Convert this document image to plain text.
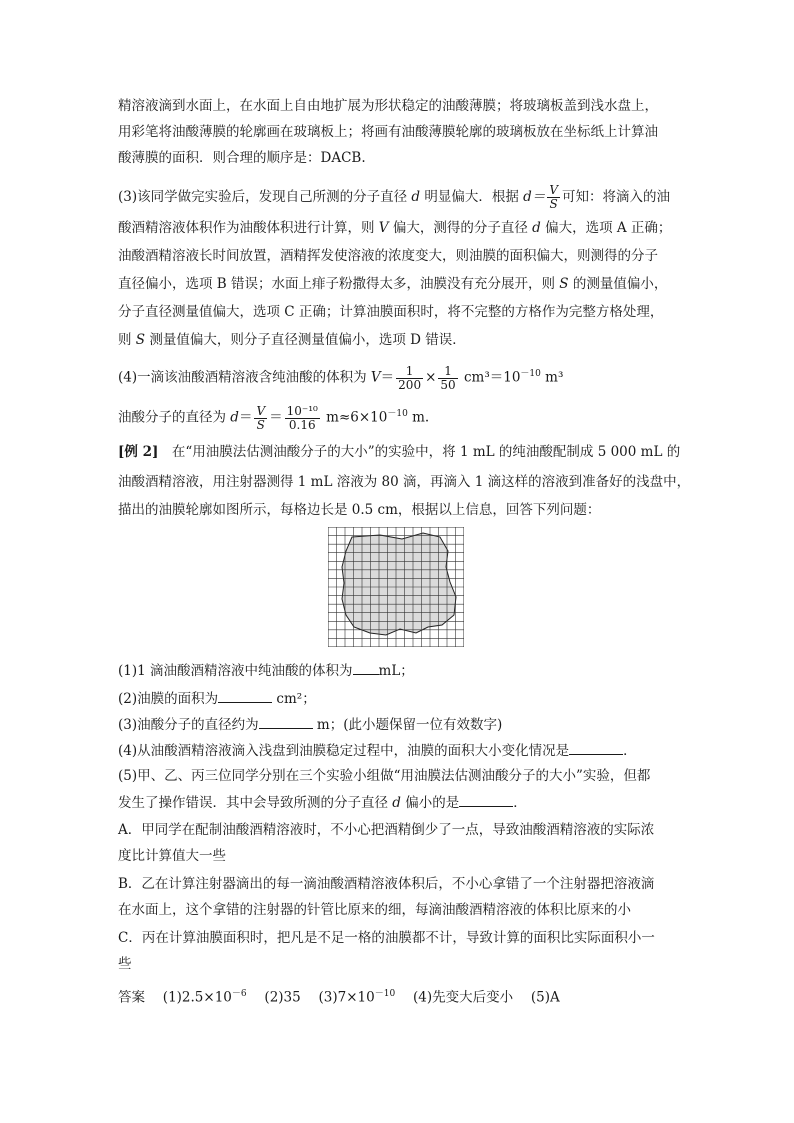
精溶液滴到水面上，在水面上自由地扩展为形状稳定的油酸薄膜；将玻璃板盖到浅水盘上，
用彩笔将油酸薄膜的轮廓画在玻璃板上；将画有油酸薄膜轮廓的玻璃板放在坐标纸上计算油
酸薄膜的面积．则合理的顺序是：DACB.
(3)该同学做完实验后，发现自己所测的分子直径 d 明显偏大．根据 $d= \frac{V}{S}$ 可知：将滴入的油
酸酒精溶液体积作为油酸体积进行计算，则 V 偏大，测得的分子直径 d 偏大，选项 A 正确；
油酸酒精溶液长时间放置，酒精挥发使溶液的浓度变大，则油膜的面积偏大，则测得的分子
直径偏小，选项 B 错误；水面上痱子粉撒得太多，油膜没有充分展开，则 S 的测量值偏小，
分子直径测量值偏大，选项 C 正确；计算油膜面积时，将不完整的方格作为完整方格处理，
则 S 测量值偏大，则分子直径测量值偏小，选项 D 错误．
(4)一滴该油酸酒精溶液含纯油酸的体积为 $V= \frac{1}{200} \times \frac{1}{50} cm^3=10^{-10}$ m³
油酸分子的直径为 $d= \frac{V}{S} = \frac{\text{10⁻¹⁰}}{0.16} m\approx 6\times 10^{-10}$ m.
[例 2]　在“用油膜法估测油酸分子的大小”的实验中，将 1 mL 的纯油酸配制成 5 000 mL 的
油酸酒精溶液，用注射器测得 1 mL 溶液为 80 滴，再滴入 1 滴这样的溶液到准备好的浅盘中，
描出的油膜轮廓如图所示，每格边长是 0.5 cm，根据以上信息，回答下列问题：
(1)1 滴油酸酒精溶液中纯油酸的体积为 mL；
(2)油膜的面积为	cm²；
(3)油酸分子的直径约为	m；(此小题保留一位有效数字)
(4)从油酸酒精溶液滴入浅盘到油膜稳定过程中，油膜的面积大小变化情况是	．
(5)甲、乙、丙三位同学分别在三个实验小组做“用油膜法估测油酸分子的大小”实验，但都
发生了操作错误．其中会导致所测的分子直径 d 偏小的是	．
A．甲同学在配制油酸酒精溶液时，不小心把酒精倒少了一点，导致油酸酒精溶液的实际浓
度比计算值大一些
B．乙在计算注射器滴出的每一滴油酸酒精溶液体积后，不小心拿错了一个注射器把溶液滴
在水面上，这个拿错的注射器的针管比原来的细，每滴油酸酒精溶液的体积比原来的小
C．丙在计算油膜面积时，把凡是不足一格的油膜都不计，导致计算的面积比实际面积小一
些
答案　 $(1)2.5\times 10^{-6}$　 (2)35　 $(3)7\times 10^{-10}$　 (4)先变大后变小　 (5)A
